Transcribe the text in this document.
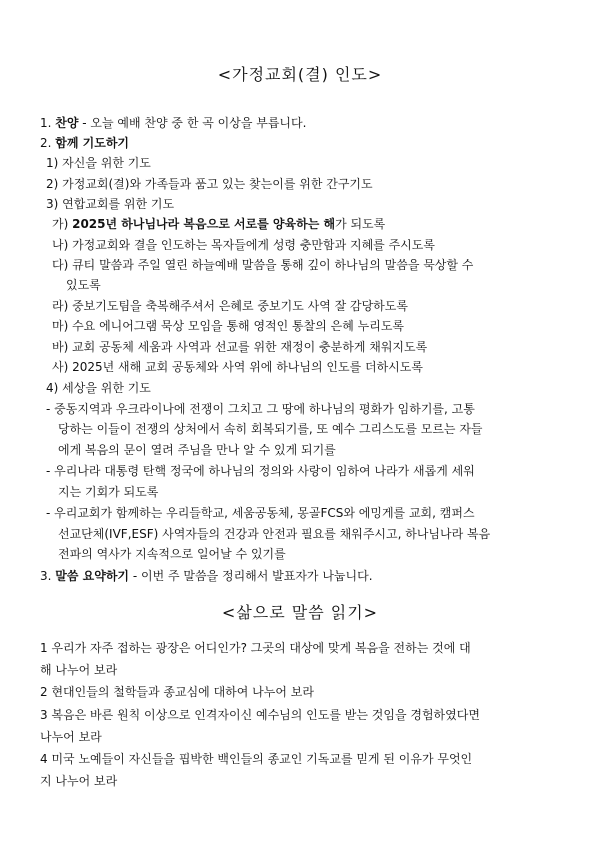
<가정교회(결) 인도>
1. 찬양 - 오늘 예배 찬양 중 한 곡 이상을 부릅니다.
2. 함께 기도하기
1) 자신을 위한 기도
2) 가정교회(결)와 가족들과 품고 있는 찾는이를 위한 간구기도
3) 연합교회를 위한 기도
가) 2025년 하나님나라 복음으로 서로를 양육하는 해가 되도록
나) 가정교회와 결을 인도하는 목자들에게 성령 충만함과 지혜를 주시도록
다) 큐티 말씀과 주일 열린 하늘예배 말씀을 통해 깊이 하나님의 말씀을 묵상할 수
있도록
라) 중보기도팀을 축복해주셔서 은혜로 중보기도 사역 잘 감당하도록
마) 수요 에니어그램 묵상 모임을 통해 영적인 통찰의 은혜 누리도록
바) 교회 공동체 세움과 사역과 선교를 위한 재정이 충분하게 채워지도록
사) 2025년 새해 교회 공동체와 사역 위에 하나님의 인도를 더하시도록
4) 세상을 위한 기도
- 중동지역과 우크라이나에 전쟁이 그치고 그 땅에 하나님의 평화가 임하기를, 고통
당하는 이들이 전쟁의 상처에서 속히 회복되기를, 또 예수 그리스도를 모르는 자들
에게 복음의 문이 열려 주님을 만나 알 수 있게 되기를
- 우리나라 대통령 탄핵 정국에 하나님의 정의와 사랑이 임하여 나라가 새롭게 세워
지는 기회가 되도록
- 우리교회가 함께하는 우리들학교, 세움공동체, 몽골FCS와 에밍게를 교회, 캠퍼스
선교단체(IVF,ESF) 사역자들의 건강과 안전과 필요를 채워주시고, 하나님나라 복음
전파의 역사가 지속적으로 일어날 수 있기를
3. 말씀 요약하기 - 이번 주 말씀을 정리해서 발표자가 나눕니다.
<삶으로 말씀 읽기>
1 우리가 자주 접하는 광장은 어디인가? 그곳의 대상에 맞게 복음을 전하는 것에 대
해 나누어 보라
2 현대인들의 철학들과 종교심에 대하여 나누어 보라
3 복음은 바른 원칙 이상으로 인격자이신 예수님의 인도를 받는 것임을 경험하였다면
나누어 보라
4 미국 노예들이 자신들을 핍박한 백인들의 종교인 기독교를 믿게 된 이유가 무엇인
지 나누어 보라
